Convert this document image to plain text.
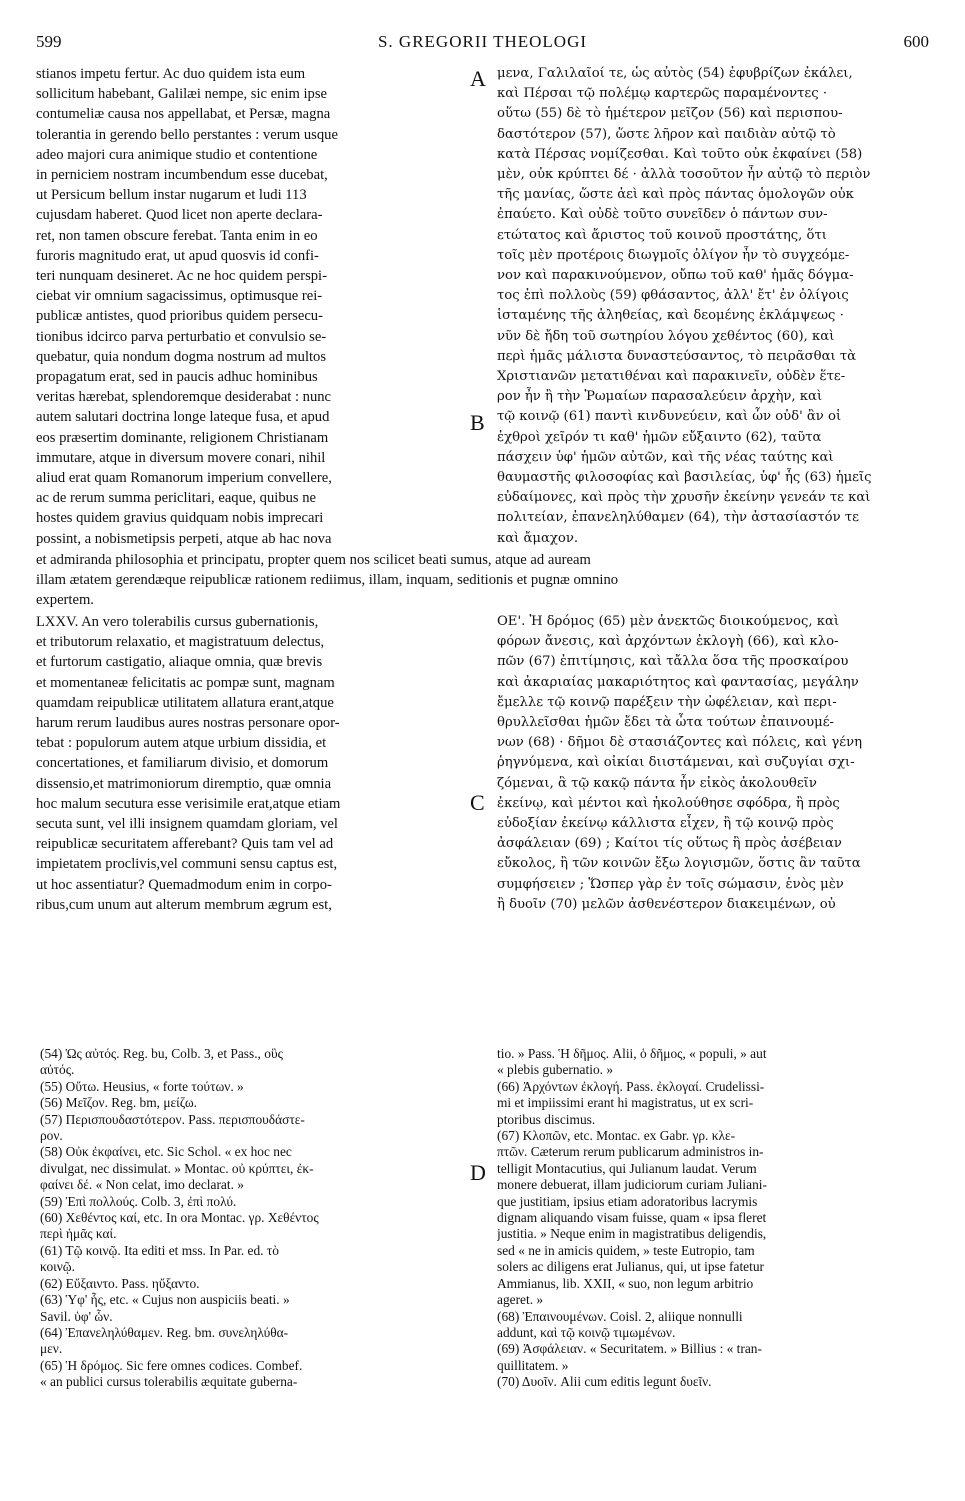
599	S. GREGORII THEOLOGI	600
A
B
C
D
stianos impetu fertur. Ac duo quidem ista eum
sollicitum habebant, Galilæi nempe, sic enim ipse
contumeliæ causa nos appellabat, et Persæ, magna
tolerantia in gerendo bello perstantes : verum usque
adeo majori cura animique studio et contentione
in perniciem nostram incumbendum esse ducebat,
ut Persicum bellum instar nugarum et ludi 113
cujusdam haberet. Quod licet non aperte declara-
ret, non tamen obscure ferebat. Tanta enim in eo
furoris magnitudo erat, ut apud quosvis id confi-
teri nunquam desineret. Ac ne hoc quidem perspi-
ciebat vir omnium sagacissimus, optimusque rei-
publicæ antistes, quod prioribus quidem persecu-
tionibus idcirco parva perturbatio et convulsio se-
quebatur, quia nondum dogma nostrum ad multos
propagatum erat, sed in paucis adhuc hominibus
veritas hærebat, splendoremque desiderabat : nunc
autem salutari doctrina longe lateque fusa, et apud
eos præsertim dominante, religionem Christianam
immutare, atque in diversum movere conari, nihil
aliud erat quam Romanorum imperium convellere,
ac de rerum summa periclitari, eaque, quibus ne
hostes quidem gravius quidquam nobis imprecari
possint, a nobismetipsis perpeti, atque ab hac nova
μενα, Γαλιλαῖοί τε, ὡς αὐτὸς (54) ἐφυβρίζων ἐκάλει,
καὶ Πέρσαι τῷ πολέμῳ καρτερῶς παραμένοντες ·
οὕτω (55) δὲ τὸ ἡμέτερον μεῖζον (56) καὶ περισπου-
δαστότερον (57), ὥστε λῆρον καὶ παιδιὰν αὐτῷ τὸ
κατὰ Πέρσας νομίζεσθαι. Καὶ τοῦτο οὐκ ἐκφαίνει (58)
μὲν, οὐκ κρύπτει δέ · ἀλλὰ τοσοῦτον ἦν αὐτῷ τὸ περιὸν
τῆς μανίας, ὥστε ἀεὶ καὶ πρὸς πάντας ὁμολογῶν οὐκ
ἐπαύετο. Καὶ οὐδὲ τοῦτο συνεῖδεν ὁ πάντων συν-
ετώτατος καὶ ἄριστος τοῦ κοινοῦ προστάτης, ὅτι
τοῖς μὲν προτέροις διωγμοῖς ὀλίγον ἦν τὸ συγχεόμε-
νον καὶ παρακινούμενον, οὔπω τοῦ καθ' ἡμᾶς δόγμα-
τος ἐπὶ πολλοὺς (59) φθάσαντος, ἀλλ' ἔτ' ἐν ὀλίγοις
ἱσταμένης τῆς ἀληθείας, καὶ δεομένης ἐκλάμψεως ·
νῦν δὲ ἤδη τοῦ σωτηρίου λόγου χεθέντος (60), καὶ
περὶ ἡμᾶς μάλιστα δυναστεύσαντος, τὸ πειρᾶσθαι τὰ
Χριστιανῶν μετατιθέναι καὶ παρακινεῖν, οὐδὲν ἕτε-
ρον ἦν ἢ τὴν Ῥωμαίων παρασαλεύειν ἀρχὴν, καὶ
τῷ κοινῷ (61) παντὶ κινδυνεύειν, καὶ ὧν οὐδ' ἂν οἱ
ἐχθροὶ χεῖρόν τι καθ' ἡμῶν εὔξαιντο (62), ταῦτα
πάσχειν ὑφ' ἡμῶν αὐτῶν, καὶ τῆς νέας ταύτης καὶ
θαυμαστῆς φιλοσοφίας καὶ βασιλείας, ὑφ' ἧς (63) ἡμεῖς
εὐδαίμονες, καὶ πρὸς τὴν χρυσῆν ἐκείνην γενεάν τε καὶ
πολιτείαν, ἐπανεληλύθαμεν (64), τὴν ἀστασίαστόν τε
καὶ ἄμαχον.
et admiranda philosophia et principatu, propter quem nos scilicet beati sumus, atque ad auream
illam ætatem gerendæque reipublicæ rationem rediimus, illam, inquam, seditionis et pugnæ omnino
expertem.
LXXV. An vero tolerabilis cursus gubernationis,
et tributorum relaxatio, et magistratuum delectus,
et furtorum castigatio, aliaque omnia, quæ brevis
et momentaneæ felicitatis ac pompæ sunt, magnam
quamdam reipublicæ utilitatem allatura erant,atque
harum rerum laudibus aures nostras personare opor-
tebat : populorum autem atque urbium dissidia, et
concertationes, et familiarum divisio, et domorum
dissensio,et matrimoniorum diremptio, quæ omnia
hoc malum secutura esse verisimile erat,atque etiam
secuta sunt, vel illi insignem quamdam gloriam, vel
reipublicæ securitatem afferebant? Quis tam vel ad
impietatem proclivis,vel communi sensu captus est,
ut hoc assentiatur? Quemadmodum enim in corpo-
ribus,cum unum aut alterum membrum ægrum est,
ΟΕ'. Ἡ δρόμος (65) μὲν ἀνεκτῶς διοικούμενος, καὶ
φόρων ἄνεσις, καὶ ἀρχόντων ἐκλογὴ (66), καὶ κλο-
πῶν (67) ἐπιτίμησις, καὶ τἄλλα ὅσα τῆς προσκαίρου
καὶ ἀκαριαίας μακαριότητος καὶ φαντασίας, μεγάλην
ἔμελλε τῷ κοινῷ παρέξειν τὴν ὠφέλειαν, καὶ περι-
θρυλλεῖσθαι ἡμῶν ἔδει τὰ ὦτα τούτων ἐπαινουμέ-
νων (68) · δῆμοι δὲ στασιάζοντες καὶ πόλεις, καὶ γένη
ῥηγνύμενα, καὶ οἰκίαι διιστάμεναι, καὶ συζυγίαι σχι-
ζόμεναι, ἃ τῷ κακῷ πάντα ἦν εἰκὸς ἀκολουθεῖν
ἐκείνῳ, καὶ μέντοι καὶ ἠκολούθησε σφόδρα, ἢ πρὸς
εὐδοξίαν ἐκείνῳ κάλλιστα εἶχεν, ἢ τῷ κοινῷ πρὸς
ἀσφάλειαν (69) ; Καίτοι τίς οὕτως ἢ πρὸς ἀσέβειαν
εὔκολος, ἢ τῶν κοινῶν ἔξω λογισμῶν, ὅστις ἂν ταῦτα
συμφήσειεν ; Ὥσπερ γὰρ ἐν τοῖς σώμασιν, ἑνὸς μὲν
ἢ δυοῖν (70) μελῶν ἀσθενέστερον διακειμένων, οὐ
(54) Ὡς αὐτός. Reg. bu, Colb. 3, et Pass., οὓς
αὐτός.
(55) Οὕτω. Heusius, « forte τούτων. »
(56) Μεῖζον. Reg. bm, μείζω.
(57) Περισπουδαστότερον. Pass. περισπουδάστε-
ρον.
(58) Οὐκ ἐκφαίνει, etc. Sic Schol. « ex hoc nec
divulgat, nec dissimulat. » Montac. οὐ κρύπτει, ἐκ-
φαίνει δέ. « Non celat, imo declarat. »
(59) Ἐπὶ πολλούς. Colb. 3, ἐπὶ πολύ.
(60) Χεθέντος καί, etc. In ora Montac. γρ. Χεθέντος
περὶ ἡμᾶς καί.
(61) Τῷ κοινῷ. Ita editi et mss. In Par. ed. τὸ
κοινῷ.
(62) Εὔξαιντο. Pass. ηὔξαντο.
(63) Ὑφ' ἧς, etc. « Cujus non auspiciis beati. »
Savil. ὑφ' ὧν.
(64) Ἐπανεληλύθαμεν. Reg. bm. συνεληλύθα-
μεν.
(65) Ἡ δρόμος. Sic fere omnes codices. Combef.
« an publici cursus tolerabilis æquitate guberna-
tio. » Pass. Ἡ δῆμος. Alii, ὁ δῆμος, « populi, » aut
« plebis gubernatio. »
(66) Ἀρχόντων ἐκλογή. Pass. ἐκλογαί. Crudelissi-
mi et impiissimi erant hi magistratus, ut ex scri-
ptoribus discimus.
(67) Κλοπῶν, etc. Montac. ex Gabr. γρ. κλε-
πτῶν. Cæterum rerum publicarum administros in-
telligit Montacutius, qui Julianum laudat. Verum
monere debuerat, illam judiciorum curiam Juliani-
que justitiam, ipsius etiam adoratoribus lacrymis
dignam aliquando visam fuisse, quam « ipsa fleret
justitia. » Neque enim in magistratibus deligendis,
sed « ne in amicis quidem, » teste Eutropio, tam
solers ac diligens erat Julianus, qui, ut ipse fatetur
Ammianus, lib. XXII, « suo, non legum arbitrio
ageret. »
(68) Ἐπαινουμένων. Coisl. 2, aliique nonnulli
addunt, καὶ τῷ κοινῷ τιμωμένων.
(69) Ἀσφάλειαν. « Securitatem. » Billius : « tran-
quillitatem. »
(70) Δυοῖν. Alii cum editis legunt δυεῖν.
